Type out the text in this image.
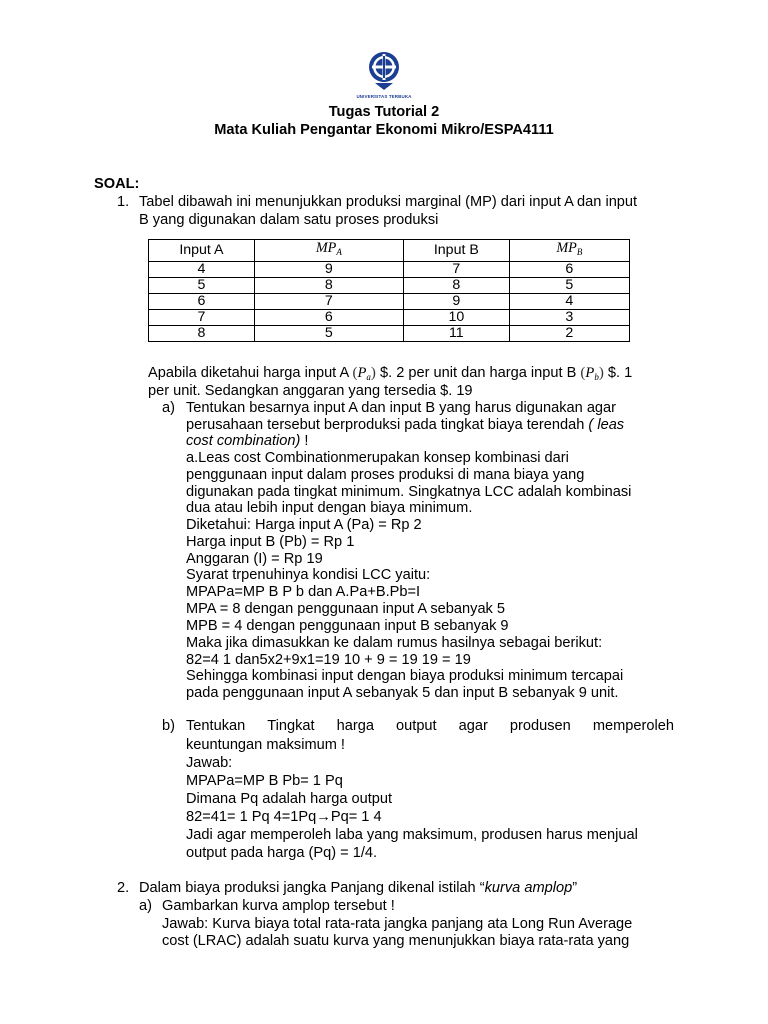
UNIVERSITAS TERBUKA
Tugas Tutorial 2
Mata Kuliah Pengantar Ekonomi Mikro/ESPA4111
SOAL:
1. Tabel dibawah ini menunjukkan produksi marginal (MP) dari input A dan input
B yang digunakan dalam satu proses produksi
Input A	$MP_A$	Input B	$MP_B$
4	9	7	6
5	8	8	5
6	7	9	4
7	6	10	3
8	5	11	2
Apabila diketahui harga input A $(P_a)$ $. 2 per unit dan harga input B $(P_b)$ $. 1
per unit. Sedangkan anggaran yang tersedia $. 19
a) Tentukan besarnya input A dan input B yang harus digunakan agar
perusahaan tersebut berproduksi pada tingkat biaya terendah ( leas
cost combination) !
a.Leas cost Combinationmerupakan konsep kombinasi dari
penggunaan input dalam proses produksi di mana biaya yang
digunakan pada tingkat minimum. Singkatnya LCC adalah kombinasi
dua atau lebih input dengan biaya minimum.
Diketahui: Harga input A (Pa) = Rp 2
Harga input B (Pb) = Rp 1
Anggaran (I) = Rp 19
Syarat trpenuhinya kondisi LCC yaitu:
MPAPa=MP B P b dan A.Pa+B.Pb=I
MPA = 8 dengan penggunaan input A sebanyak 5
MPB = 4 dengan penggunaan input B sebanyak 9
Maka jika dimasukkan ke dalam rumus hasilnya sebagai berikut:
82=4 1 dan5x2+9x1=19 10 + 9 = 19 19 = 19
Sehingga kombinasi input dengan biaya produksi minimum tercapai
pada penggunaan input A sebanyak 5 dan input B sebanyak 9 unit.
b) Tentukan Tingkat harga output agar produsen memperoleh
keuntungan maksimum !
Jawab:
MPAPa=MP B Pb= 1 Pq
Dimana Pq adalah harga output
82=41= 1 Pq 4=1Pq→Pq= 1 4
Jadi agar memperoleh laba yang maksimum, produsen harus menjual
output pada harga (Pq) = 1/4.
2. Dalam biaya produksi jangka Panjang dikenal istilah “kurva amplop”
a) Gambarkan kurva amplop tersebut !
Jawab: Kurva biaya total rata-rata jangka panjang ata Long Run Average
cost (LRAC) adalah suatu kurva yang menunjukkan biaya rata-rata yang
